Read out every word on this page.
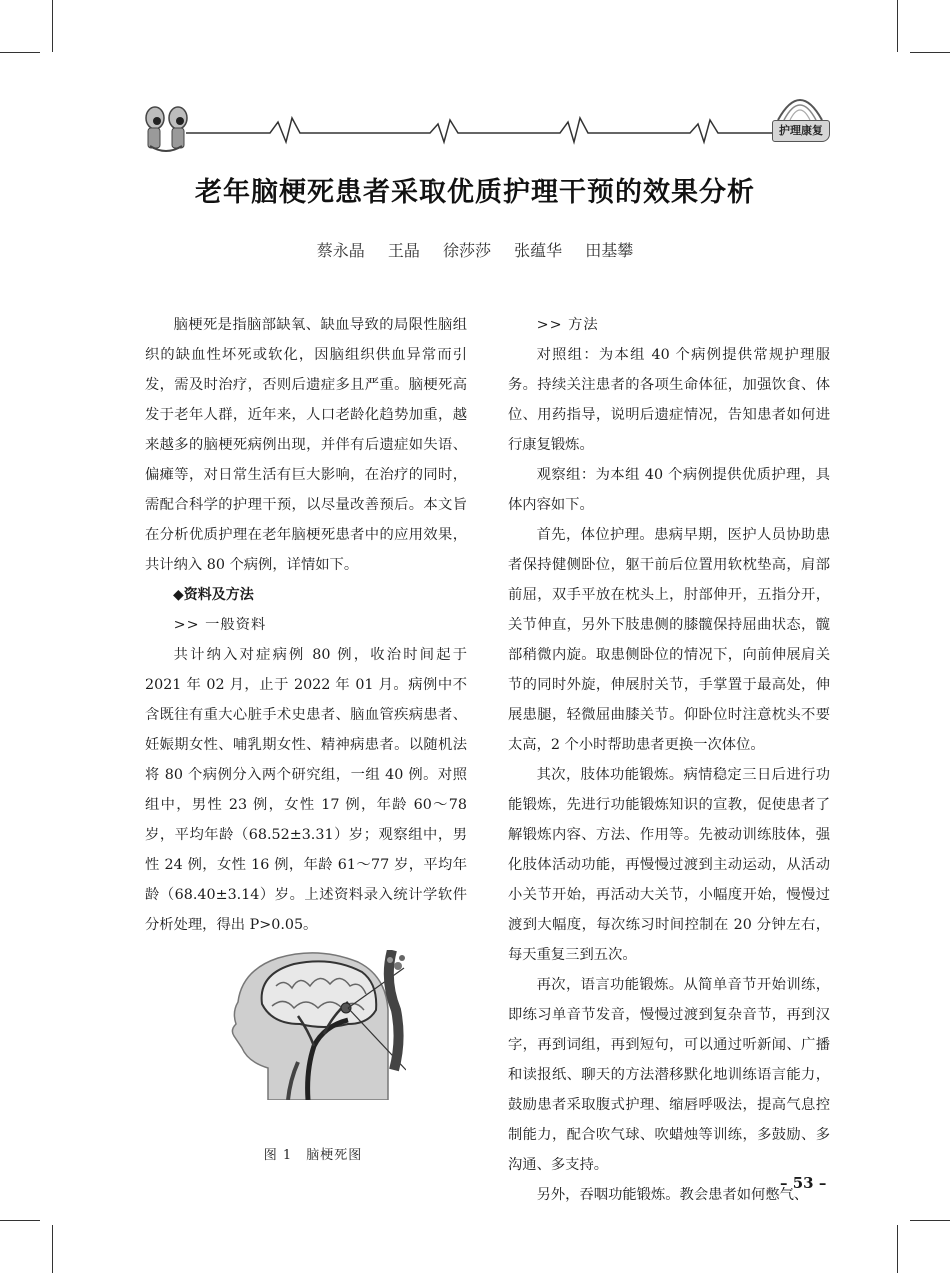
护理康复
老年脑梗死患者采取优质护理干预的效果分析
蔡永晶 王晶 徐莎莎 张蕴华 田基攀

脑梗死是指脑部缺氧、缺血导致的局限性脑组织的缺血性坏死或软化，因脑组织供血异常而引发，需及时治疗，否则后遗症多且严重。脑梗死高发于老年人群，近年来，人口老龄化趋势加重，越来越多的脑梗死病例出现，并伴有后遗症如失语、偏瘫等，对日常生活有巨大影响，在治疗的同时，需配合科学的护理干预，以尽量改善预后。本文旨在分析优质护理在老年脑梗死患者中的应用效果，共计纳入 80 个病例，详情如下。

◆资料及方法

>> 一般资料

共计纳入对症病例 80 例，收治时间起于 2021 年 02 月，止于 2022 年 01 月。病例中不含既往有重大心脏手术史患者、脑血管疾病患者、妊娠期女性、哺乳期女性、精神病患者。以随机法将 80 个病例分入两个研究组，一组 40 例。对照组中，男性 23 例，女性 17 例，年龄 60～78 岁，平均年龄（68.52±3.31）岁；观察组中，男性 24 例，女性 16 例，年龄 61～77 岁，平均年龄（68.40±3.14）岁。上述资料录入统计学软件分析处理，得出 P>0.05。

>> 方法

对照组：为本组 40 个病例提供常规护理服务。持续关注患者的各项生命体征，加强饮食、体位、用药指导，说明后遗症情况，告知患者如何进行康复锻炼。

观察组：为本组 40 个病例提供优质护理，具体内容如下。

首先，体位护理。患病早期，医护人员协助患者保持健侧卧位，躯干前后位置用软枕垫高，肩部前屈，双手平放在枕头上，肘部伸开，五指分开，关节伸直，另外下肢患侧的膝髋保持屈曲状态，髋部稍微内旋。取患侧卧位的情况下，向前伸展肩关节的同时外旋，伸展肘关节，手掌置于最高处，伸展患腿，轻微屈曲膝关节。仰卧位时注意枕头不要太高，2 个小时帮助患者更换一次体位。

其次，肢体功能锻炼。病情稳定三日后进行功能锻炼，先进行功能锻炼知识的宣教，促使患者了解锻炼内容、方法、作用等。先被动训练肢体，强化肢体活动功能，再慢慢过渡到主动运动，从活动小关节开始，再活动大关节，小幅度开始，慢慢过渡到大幅度，每次练习时间控制在 20 分钟左右，每天重复三到五次。

再次，语言功能锻炼。从简单音节开始训练，即练习单音节发音，慢慢过渡到复杂音节，再到汉字，再到词组，再到短句，可以通过听新闻、广播和读报纸、聊天的方法潜移默化地训练语言能力，鼓励患者采取腹式护理、缩唇呼吸法，提高气息控制能力，配合吹气球、吹蜡烛等训练，多鼓励、多沟通、多支持。

另外，吞咽功能锻炼。教会患者如何憋气、

图 1　脑梗死图
– 53 –
